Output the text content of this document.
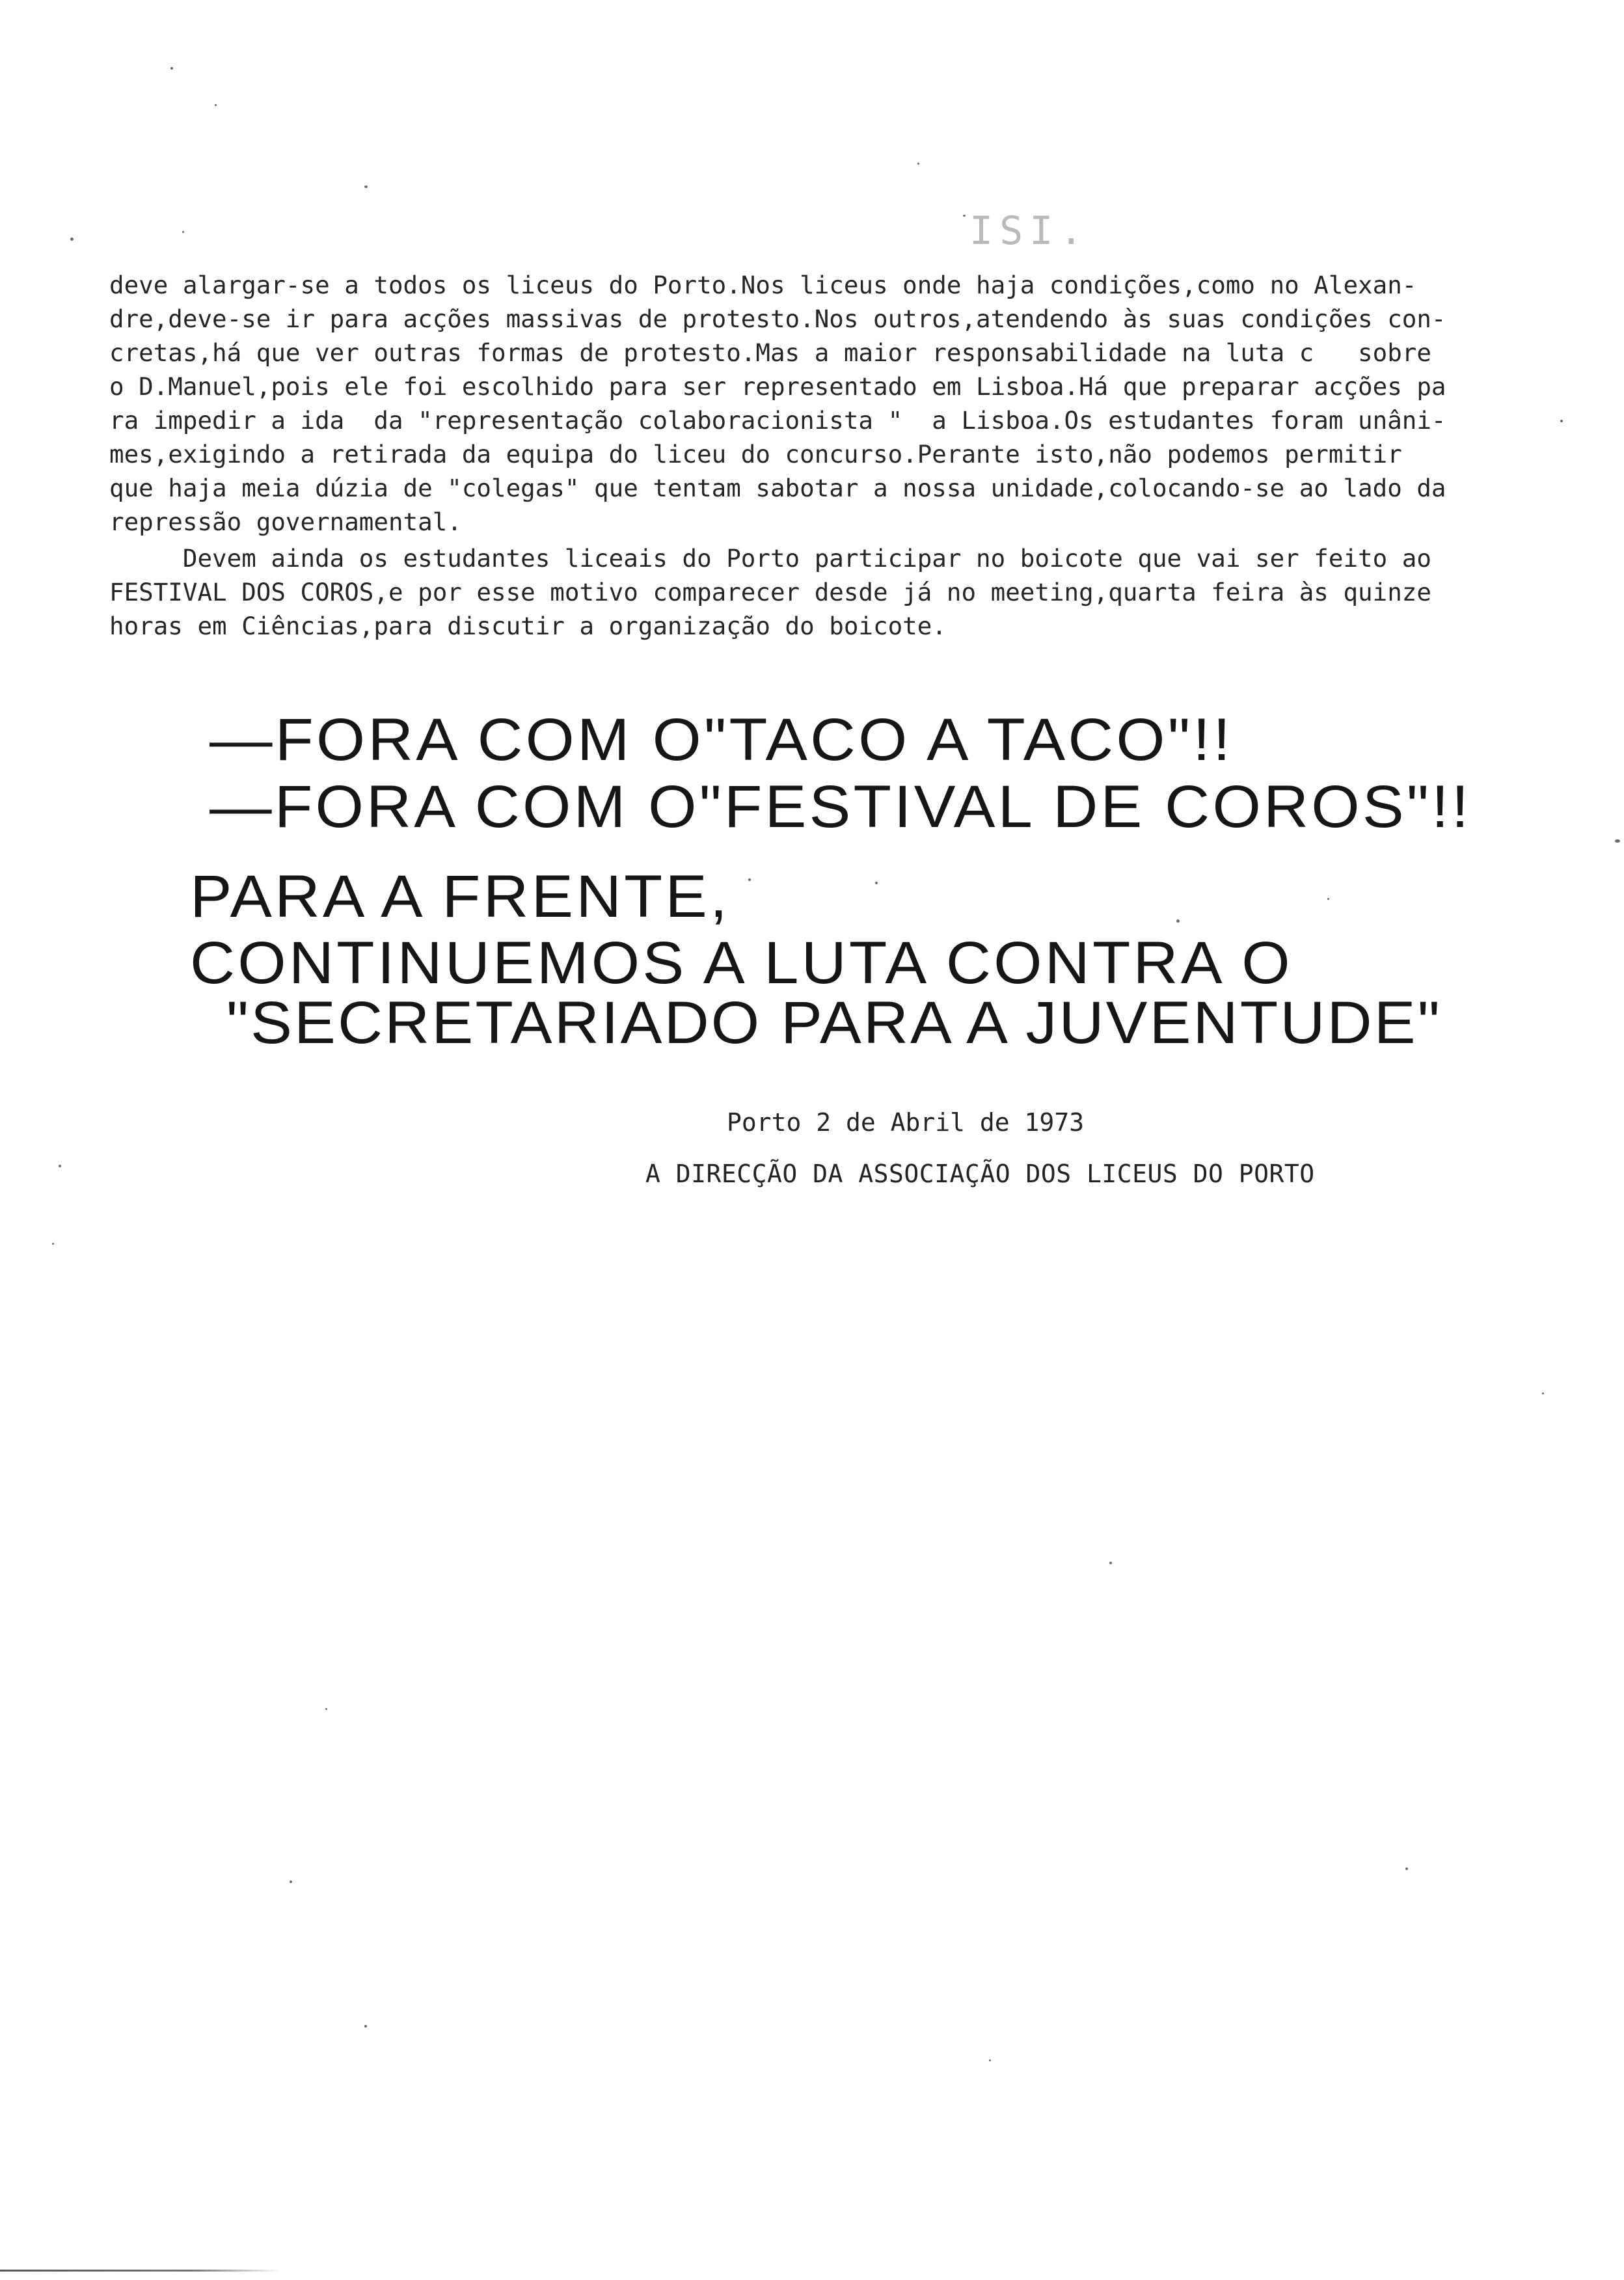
ISI.
deve alargar-se a todos os liceus do Porto.Nos liceus onde haja condições,como no Alexan-
dre,deve-se ir para acções massivas de protesto.Nos outros,atendendo às suas condições con-
cretas,há que ver outras formas de protesto.Mas a maior responsabilidade na luta c   sobre
o D.Manuel,pois ele foi escolhido para ser representado em Lisboa.Há que preparar acções pa
ra impedir a ida  da "representação colaboracionista "  a Lisboa.Os estudantes foram unâni-
mes,exigindo a retirada da equipa do liceu do concurso.Perante isto,não podemos permitir
que haja meia dúzia de "colegas" que tentam sabotar a nossa unidade,colocando-se ao lado da
repressão governamental.
Devem ainda os estudantes liceais do Porto participar no boicote que vai ser feito ao
FESTIVAL DOS COROS,e por esse motivo comparecer desde já no meeting,quarta feira às quinze
horas em Ciências,para discutir a organização do boicote.
—FORA COM O"TACO A TACO"!!
—FORA COM O"FESTIVAL DE COROS"!!
PARA A FRENTE,
CONTINUEMOS A LUTA CONTRA O
"SECRETARIADO PARA A JUVENTUDE"
Porto 2 de Abril de 1973
A DIRECÇÃO DA ASSOCIAÇÃO DOS LICEUS DO PORTO
